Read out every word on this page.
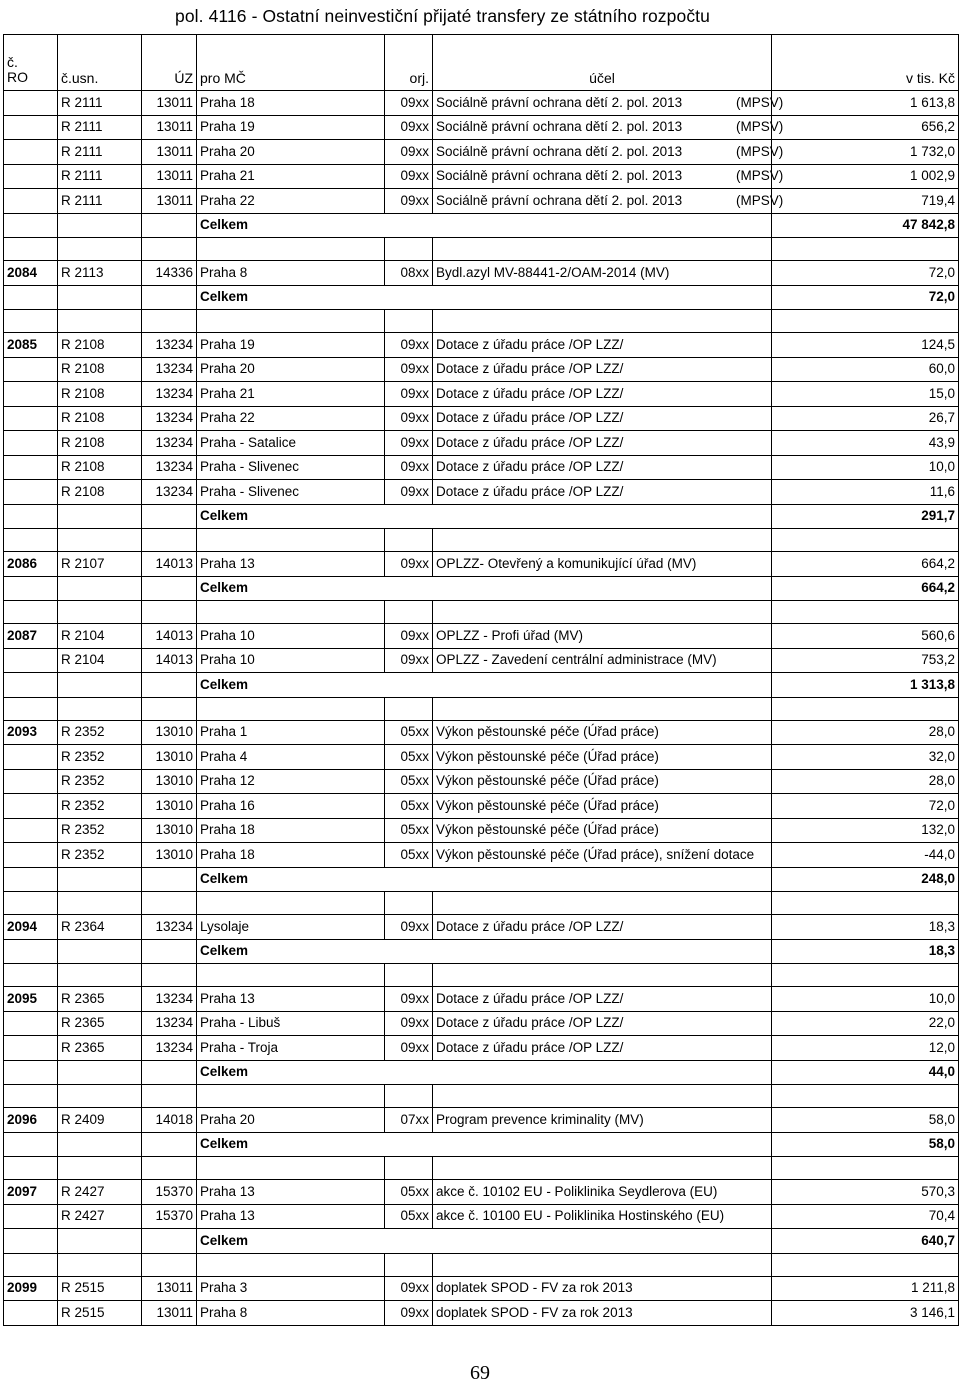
pol. 4116 - Ostatní neinvestiční přijaté transfery ze státního rozpočtu
č.
RO	č.usn.	ÚZ	pro MČ	orj.	účel	v tis. Kč
	R 2111	13011	Praha 18	09xx	Sociálně právní ochrana dětí 2. pol. 2013 (MPSV)	1 613,8
	R 2111	13011	Praha 19	09xx	Sociálně právní ochrana dětí 2. pol. 2013 (MPSV)	656,2
	R 2111	13011	Praha 20	09xx	Sociálně právní ochrana dětí 2. pol. 2013 (MPSV)	1 732,0
	R 2111	13011	Praha 21	09xx	Sociálně právní ochrana dětí 2. pol. 2013 (MPSV)	1 002,9
	R 2111	13011	Praha 22	09xx	Sociálně právní ochrana dětí 2. pol. 2013 (MPSV)	719,4
			Celkem			47 842,8

2084	R 2113	14336	Praha 8	08xx	Bydl.azyl MV-88441-2/OAM-2014 (MV)	72,0
			Celkem			72,0

2085	R 2108	13234	Praha 19	09xx	Dotace z úřadu práce /OP LZZ/	124,5
	R 2108	13234	Praha 20	09xx	Dotace z úřadu práce /OP LZZ/	60,0
	R 2108	13234	Praha 21	09xx	Dotace z úřadu práce /OP LZZ/	15,0
	R 2108	13234	Praha 22	09xx	Dotace z úřadu práce /OP LZZ/	26,7
	R 2108	13234	Praha - Satalice	09xx	Dotace z úřadu práce /OP LZZ/	43,9
	R 2108	13234	Praha - Slivenec	09xx	Dotace z úřadu práce /OP LZZ/	10,0
	R 2108	13234	Praha - Slivenec	09xx	Dotace z úřadu práce /OP LZZ/	11,6
			Celkem			291,7

2086	R 2107	14013	Praha 13	09xx	OPLZZ- Otevřený a komunikující úřad (MV)	664,2
			Celkem			664,2

2087	R 2104	14013	Praha 10	09xx	OPLZZ - Profi úřad (MV)	560,6
	R 2104	14013	Praha 10	09xx	OPLZZ - Zavedení centrální administrace (MV)	753,2
			Celkem			1 313,8

2093	R 2352	13010	Praha 1	05xx	Výkon pěstounské péče (Úřad práce)	28,0
	R 2352	13010	Praha 4	05xx	Výkon pěstounské péče (Úřad práce)	32,0
	R 2352	13010	Praha 12	05xx	Výkon pěstounské péče (Úřad práce)	28,0
	R 2352	13010	Praha 16	05xx	Výkon pěstounské péče (Úřad práce)	72,0
	R 2352	13010	Praha 18	05xx	Výkon pěstounské péče (Úřad práce)	132,0
	R 2352	13010	Praha 18	05xx	Výkon pěstounské péče (Úřad práce), snížení dotace	-44,0
			Celkem			248,0

2094	R 2364	13234	Lysolaje	09xx	Dotace z úřadu práce /OP LZZ/	18,3
			Celkem			18,3

2095	R 2365	13234	Praha 13	09xx	Dotace z úřadu práce /OP LZZ/	10,0
	R 2365	13234	Praha - Libuš	09xx	Dotace z úřadu práce /OP LZZ/	22,0
	R 2365	13234	Praha - Troja	09xx	Dotace z úřadu práce /OP LZZ/	12,0
			Celkem			44,0

2096	R 2409	14018	Praha 20	07xx	Program prevence kriminality (MV)	58,0
			Celkem			58,0

2097	R 2427	15370	Praha 13	05xx	akce č. 10102 EU - Poliklinika Seydlerova (EU)	570,3
	R 2427	15370	Praha 13	05xx	akce č. 10100 EU - Poliklinika Hostinského (EU)	70,4
			Celkem			640,7

2099	R 2515	13011	Praha 3	09xx	doplatek SPOD - FV za rok 2013	1 211,8
	R 2515	13011	Praha 8	09xx	doplatek SPOD - FV za rok 2013	3 146,1
69
